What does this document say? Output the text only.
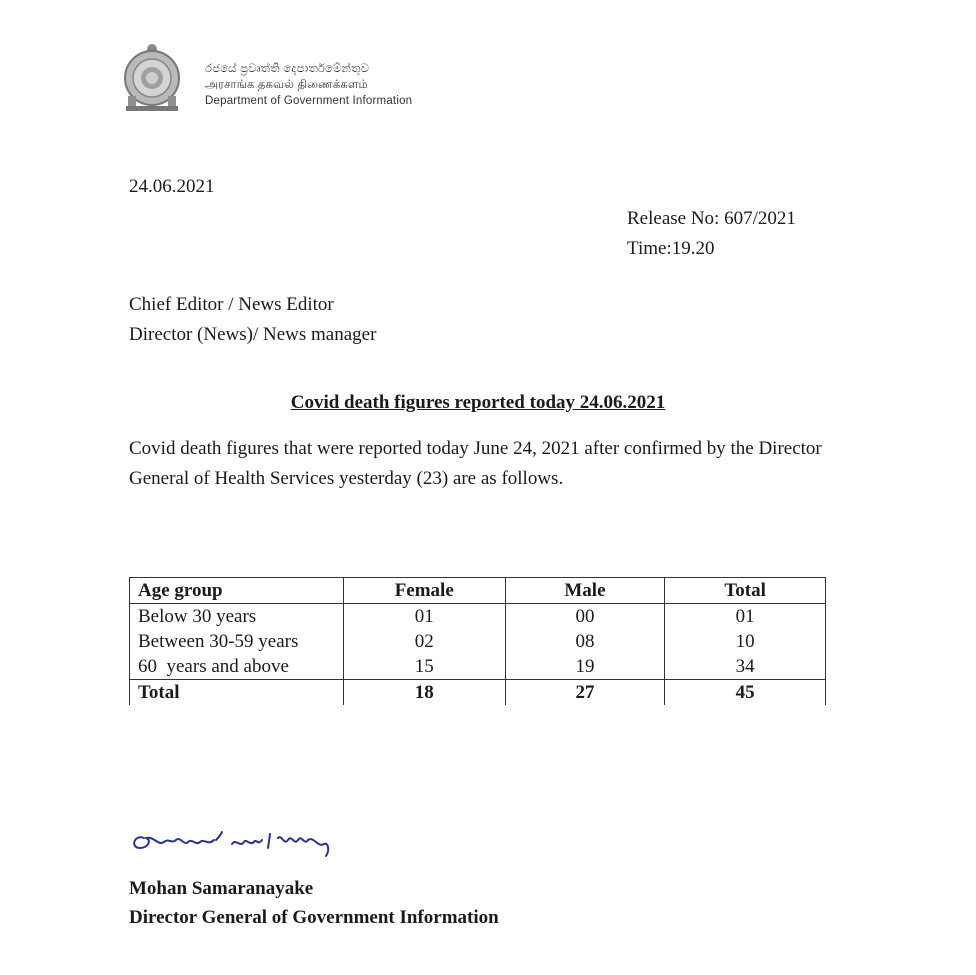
රජයේ ප්‍රවෘත්ති දෙපාර්තමේන්තුව
அரசாங்க தகவல் திணைக்களம்
Department of Government Information
24.06.2021
Release No: 607/2021
Time:19.20
Chief Editor / News Editor
Director (News)/ News manager
Covid death figures reported today 24.06.2021
Covid death figures that were reported today June 24, 2021 after confirmed by the Director General of Health Services yesterday (23) are as follows.
Age group	Female	Male	Total
Below 30 years	01	00	01
Between 30-59 years	02	08	10
60  years and above	15	19	34
Total	18	27	45
Mohan Samaranayake
Director General of Government Information
